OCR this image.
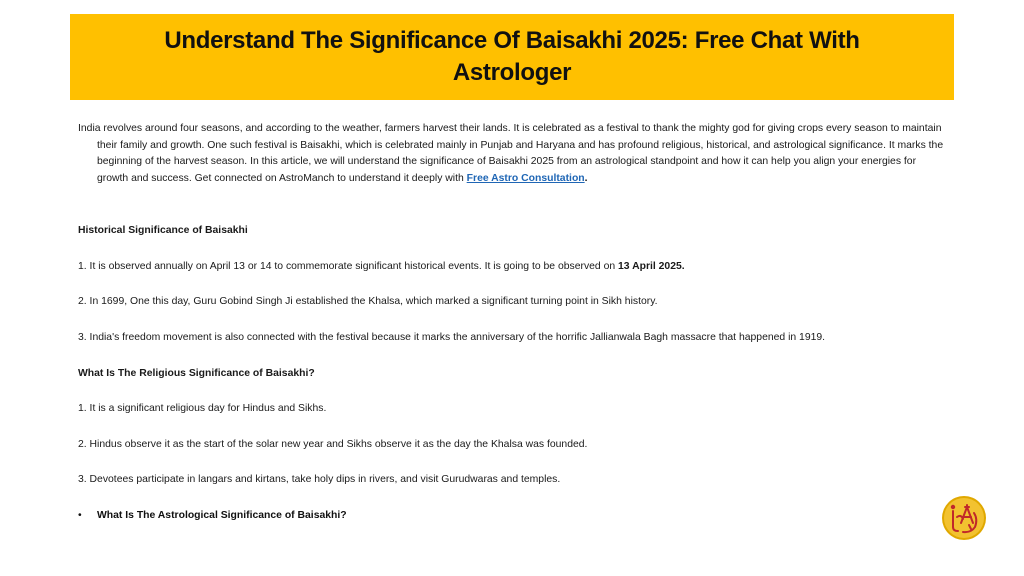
Understand The Significance Of Baisakhi 2025: Free Chat With Astrologer

India revolves around four seasons, and according to the weather, farmers harvest their lands. It is celebrated as a festival to thank the mighty god for giving crops every season to maintain their family and growth. One such festival is Baisakhi, which is celebrated mainly in Punjab and Haryana and has profound religious, historical, and astrological significance. It marks the beginning of the harvest season. In this article, we will understand the significance of Baisakhi 2025 from an astrological standpoint and how it can help you align your energies for growth and success. Get connected on AstroManch to understand it deeply with Free Astro Consultation.

Historical Significance of Baisakhi
1. It is observed annually on April 13 or 14 to commemorate significant historical events. It is going to be observed on 13 April 2025.
2. In 1699, One this day, Guru Gobind Singh Ji established the Khalsa, which marked a significant turning point in Sikh history.
3. India's freedom movement is also connected with the festival because it marks the anniversary of the horrific Jallianwala Bagh massacre that happened in 1919.
What Is The Religious Significance of Baisakhi?
1. It is a significant religious day for Hindus and Sikhs.
2. Hindus observe it as the start of the solar new year and Sikhs observe it as the day the Khalsa was founded.
3. Devotees participate in langars and kirtans, take holy dips in rivers, and visit Gurudwaras and temples.
•	What Is The Astrological Significance of Baisakhi?
